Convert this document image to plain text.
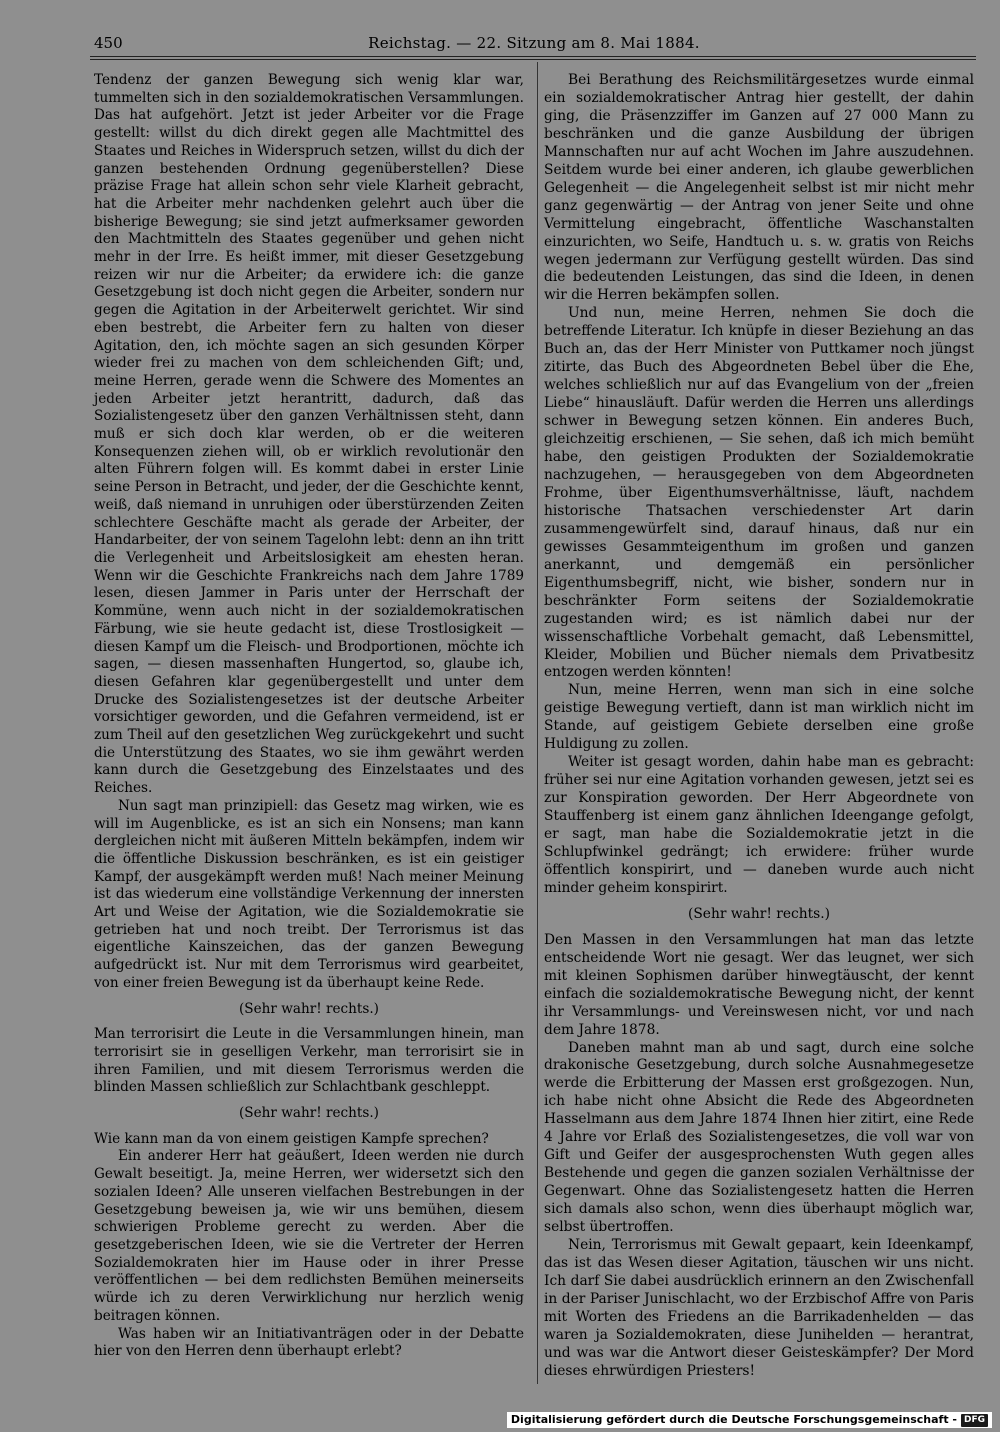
450	Reichstag. — 22. Sitzung am 8. Mai 1884.

Tendenz der ganzen Bewegung sich wenig klar war, tummelten sich in den sozialdemokratischen Versammlungen. Das hat aufgehört. Jetzt ist jeder Arbeiter vor die Frage gestellt: willst du dich direkt gegen alle Machtmittel des Staates und Reiches in Widerspruch setzen, willst du dich der ganzen bestehenden Ordnung gegenüberstellen? Diese präzise Frage hat allein schon sehr viele Klarheit gebracht, hat die Arbeiter mehr nachdenken gelehrt auch über die bisherige Bewegung; sie sind jetzt aufmerksamer geworden den Machtmitteln des Staates gegenüber und gehen nicht mehr in der Irre. Es heißt immer, mit dieser Gesetzgebung reizen wir nur die Arbeiter; da erwidere ich: die ganze Gesetzgebung ist doch nicht gegen die Arbeiter, sondern nur gegen die Agitation in der Arbeiterwelt gerichtet. Wir sind eben bestrebt, die Arbeiter fern zu halten von dieser Agitation, den, ich möchte sagen an sich gesunden Körper wieder frei zu machen von dem schleichenden Gift; und, meine Herren, gerade wenn die Schwere des Momentes an jeden Arbeiter jetzt herantritt, dadurch, daß das Sozialistengesetz über den ganzen Verhältnissen steht, dann muß er sich doch klar werden, ob er die weiteren Konsequenzen ziehen will, ob er wirklich revolutionär den alten Führern folgen will. Es kommt dabei in erster Linie seine Person in Betracht, und jeder, der die Geschichte kennt, weiß, daß niemand in unruhigen oder überstürzenden Zeiten schlechtere Geschäfte macht als gerade der Arbeiter, der Handarbeiter, der von seinem Tagelohn lebt: denn an ihn tritt die Verlegenheit und Arbeitslosigkeit am ehesten heran. Wenn wir die Geschichte Frankreichs nach dem Jahre 1789 lesen, diesen Jammer in Paris unter der Herrschaft der Kommüne, wenn auch nicht in der sozialdemokratischen Färbung, wie sie heute gedacht ist, diese Trostlosigkeit — diesen Kampf um die Fleisch- und Brodportionen, möchte ich sagen, — diesen massenhaften Hungertod, so, glaube ich, diesen Gefahren klar gegenübergestellt und unter dem Drucke des Sozialistengesetzes ist der deutsche Arbeiter vorsichtiger geworden, und die Gefahren vermeidend, ist er zum Theil auf den gesetzlichen Weg zurückgekehrt und sucht die Unterstützung des Staates, wo sie ihm gewährt werden kann durch die Gesetzgebung des Einzelstaates und des Reiches.

Nun sagt man prinzipiell: das Gesetz mag wirken, wie es will im Augenblicke, es ist an sich ein Nonsens; man kann dergleichen nicht mit äußeren Mitteln bekämpfen, indem wir die öffentliche Diskussion beschränken, es ist ein geistiger Kampf, der ausgekämpft werden muß! Nach meiner Meinung ist das wiederum eine vollständige Verkennung der innersten Art und Weise der Agitation, wie die Sozialdemokratie sie getrieben hat und noch treibt. Der Terrorismus ist das eigentliche Kainszeichen, das der ganzen Bewegung aufgedrückt ist. Nur mit dem Terrorismus wird gearbeitet, von einer freien Bewegung ist da überhaupt keine Rede.

(Sehr wahr! rechts.)

Man terrorisirt die Leute in die Versammlungen hinein, man terrorisirt sie in geselligen Verkehr, man terrorisirt sie in ihren Familien, und mit diesem Terrorismus werden die blinden Massen schließlich zur Schlachtbank geschleppt.

(Sehr wahr! rechts.)

Wie kann man da von einem geistigen Kampfe sprechen?

Ein anderer Herr hat geäußert, Ideen werden nie durch Gewalt beseitigt. Ja, meine Herren, wer widersetzt sich den sozialen Ideen? Alle unseren vielfachen Bestrebungen in der Gesetzgebung beweisen ja, wie wir uns bemühen, diesem schwierigen Probleme gerecht zu werden. Aber die gesetzgeberischen Ideen, wie sie die Vertreter der Herren Sozialdemokraten hier im Hause oder in ihrer Presse veröffentlichen — bei dem redlichsten Bemühen meinerseits würde ich zu deren Verwirklichung nur herzlich wenig beitragen können.

Was haben wir an Initiativanträgen oder in der Debatte hier von den Herren denn überhaupt erlebt?

Bei Berathung des Reichsmilitärgesetzes wurde einmal ein sozialdemokratischer Antrag hier gestellt, der dahin ging, die Präsenzziffer im Ganzen auf 27 000 Mann zu beschränken und die ganze Ausbildung der übrigen Mannschaften nur auf acht Wochen im Jahre auszudehnen. Seitdem wurde bei einer anderen, ich glaube gewerblichen Gelegenheit — die Angelegenheit selbst ist mir nicht mehr ganz gegenwärtig — der Antrag von jener Seite und ohne Vermittelung eingebracht, öffentliche Waschanstalten einzurichten, wo Seife, Handtuch u. s. w. gratis von Reichs wegen jedermann zur Verfügung gestellt würden. Das sind die bedeutenden Leistungen, das sind die Ideen, in denen wir die Herren bekämpfen sollen.

Und nun, meine Herren, nehmen Sie doch die betreffende Literatur. Ich knüpfe in dieser Beziehung an das Buch an, das der Herr Minister von Puttkamer noch jüngst zitirte, das Buch des Abgeordneten Bebel über die Ehe, welches schließlich nur auf das Evangelium von der „freien Liebe“ hinausläuft. Dafür werden die Herren uns allerdings schwer in Bewegung setzen können. Ein anderes Buch, gleichzeitig erschienen, — Sie sehen, daß ich mich bemüht habe, den geistigen Produkten der Sozialdemokratie nachzugehen, — herausgegeben von dem Abgeordneten Frohme, über Eigenthumsverhältnisse, läuft, nachdem historische Thatsachen verschiedenster Art darin zusammengewürfelt sind, darauf hinaus, daß nur ein gewisses Gesammteigenthum im großen und ganzen anerkannt, und demgemäß ein persönlicher Eigenthumsbegriff, nicht, wie bisher, sondern nur in beschränkter Form seitens der Sozialdemokratie zugestanden wird; es ist nämlich dabei nur der wissenschaftliche Vorbehalt gemacht, daß Lebensmittel, Kleider, Mobilien und Bücher niemals dem Privatbesitz entzogen werden könnten!

Nun, meine Herren, wenn man sich in eine solche geistige Bewegung vertieft, dann ist man wirklich nicht im Stande, auf geistigem Gebiete derselben eine große Huldigung zu zollen.

Weiter ist gesagt worden, dahin habe man es gebracht: früher sei nur eine Agitation vorhanden gewesen, jetzt sei es zur Konspiration geworden. Der Herr Abgeordnete von Stauffenberg ist einem ganz ähnlichen Ideengange gefolgt, er sagt, man habe die Sozialdemokratie jetzt in die Schlupfwinkel gedrängt; ich erwidere: früher wurde öffentlich konspirirt, und — daneben wurde auch nicht minder geheim konspirirt.

(Sehr wahr! rechts.)

Den Massen in den Versammlungen hat man das letzte entscheidende Wort nie gesagt. Wer das leugnet, wer sich mit kleinen Sophismen darüber hinwegtäuscht, der kennt einfach die sozialdemokratische Bewegung nicht, der kennt ihr Versammlungs- und Vereinswesen nicht, vor und nach dem Jahre 1878.

Daneben mahnt man ab und sagt, durch eine solche drakonische Gesetzgebung, durch solche Ausnahmegesetze werde die Erbitterung der Massen erst großgezogen. Nun, ich habe nicht ohne Absicht die Rede des Abgeordneten Hasselmann aus dem Jahre 1874 Ihnen hier zitirt, eine Rede 4 Jahre vor Erlaß des Sozialistengesetzes, die voll war von Gift und Geifer der ausgesprochensten Wuth gegen alles Bestehende und gegen die ganzen sozialen Verhältnisse der Gegenwart. Ohne das Sozialistengesetz hatten die Herren sich damals also schon, wenn dies überhaupt möglich war, selbst übertroffen.

Nein, Terrorismus mit Gewalt gepaart, kein Ideenkampf, das ist das Wesen dieser Agitation, täuschen wir uns nicht. Ich darf Sie dabei ausdrücklich erinnern an den Zwischenfall in der Pariser Junischlacht, wo der Erzbischof Affre von Paris mit Worten des Friedens an die Barrikadenhelden — das waren ja Sozialdemokraten, diese Junihelden — herantrat, und was war die Antwort dieser Geisteskämpfer? Der Mord dieses ehrwürdigen Priesters!

Digitalisierung gefördert durch die Deutsche Forschungsgemeinschaft - DFG
